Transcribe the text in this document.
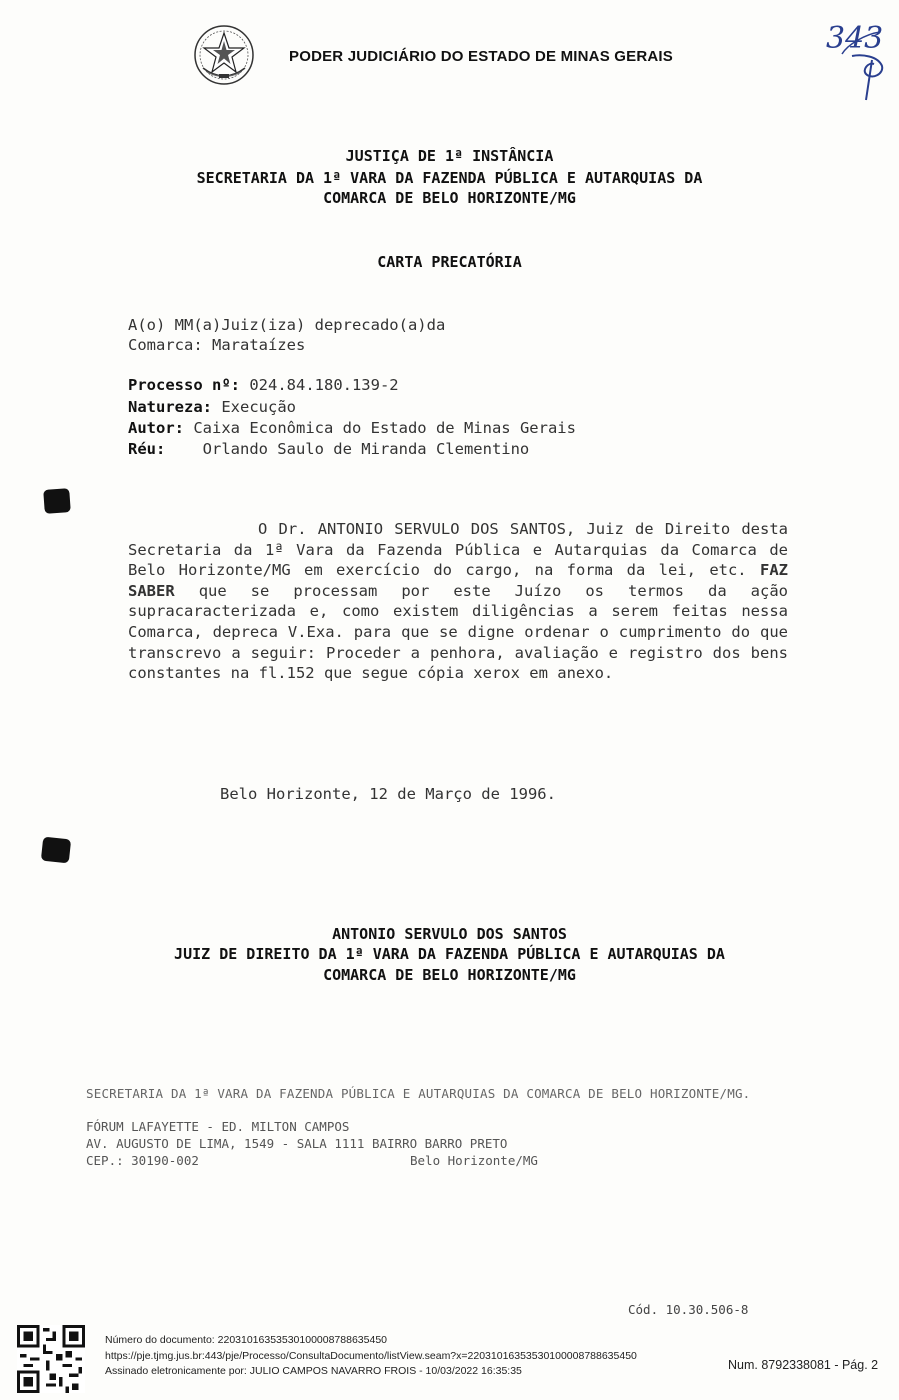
PODER JUDICIÁRIO DO ESTADO DE MINAS GERAIS
343
JUSTIÇA DE 1ª INSTÂNCIA
SECRETARIA DA 1ª VARA DA FAZENDA PÚBLICA E AUTARQUIAS DA
COMARCA DE BELO HORIZONTE/MG
CARTA PRECATÓRIA
A(o) MM(a)Juiz(iza) deprecado(a)da
Comarca: Marataízes
Processo nº: 024.84.180.139-2
Natureza: Execução
Autor: Caixa Econômica do Estado de Minas Gerais
Réu: Orlando Saulo de Miranda Clementino
O Dr. ANTONIO SERVULO DOS SANTOS, Juiz de Direito desta Secretaria da 1ª Vara da Fazenda Pública e Autarquias da Comarca de Belo Horizonte/MG em exercício do cargo, na forma da lei, etc. FAZ SABER que se processam por este Juízo os termos da ação supracaracterizada e, como existem diligências a serem feitas nessa Comarca, depreca V.Exa. para que se digne ordenar o cumprimento do que transcrevo a seguir: Proceder a penhora, avaliação e registro dos bens constantes na fl.152 que segue cópia xerox em anexo.
Belo Horizonte, 12 de Março de 1996.
ANTONIO SERVULO DOS SANTOS
JUIZ DE DIREITO DA 1ª VARA DA FAZENDA PÚBLICA E AUTARQUIAS DA
COMARCA DE BELO HORIZONTE/MG
SECRETARIA DA 1ª VARA DA FAZENDA PÚBLICA E AUTARQUIAS DA COMARCA DE BELO HORIZONTE/MG.
FÓRUM LAFAYETTE - ED. MILTON CAMPOS
AV. AUGUSTO DE LIMA, 1549 - SALA 1111 BAIRRO BARRO PRETO
CEP.: 30190-002	Belo Horizonte/MG
Cód. 10.30.506-8
Número do documento: 22031016353530100008788635450
https://pje.tjmg.jus.br:443/pje/Processo/ConsultaDocumento/listView.seam?x=22031016353530100008788635450
Assinado eletronicamente por: JULIO CAMPOS NAVARRO FROIS - 10/03/2022 16:35:35	Num. 8792338081 - Pág. 2
